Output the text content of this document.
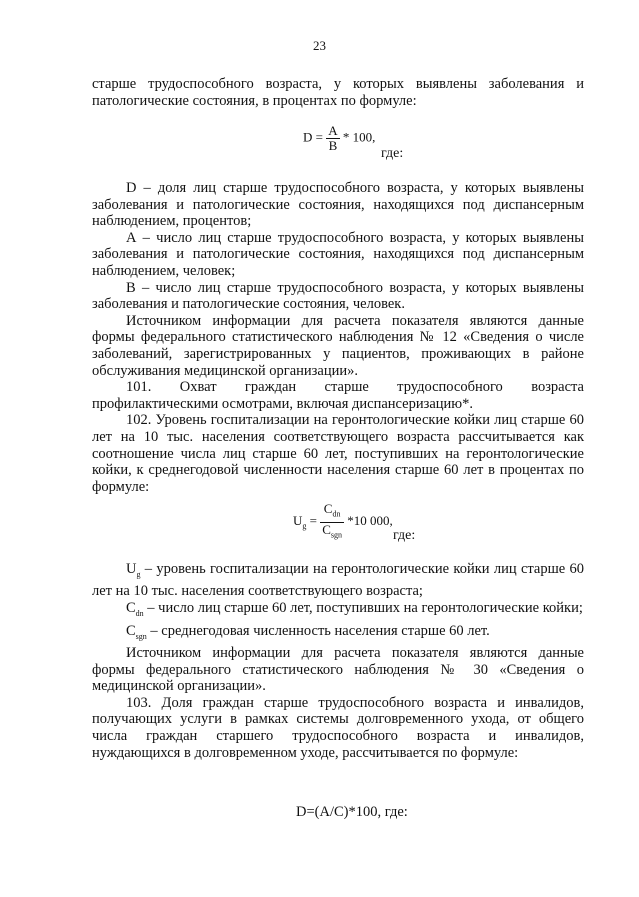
23

старше трудоспособного возраста, у которых выявлены заболевания и патологические состояния, в процентах по формуле:

$D = \frac{A}{B} * 100$,
где:

D – доля лиц старше трудоспособного возраста, у которых выявлены заболевания и патологические состояния, находящихся под диспансерным наблюдением, процентов;

А – число лиц старше трудоспособного возраста, у которых выявлены заболевания и патологические состояния, находящихся под диспансерным наблюдением, человек;

В – число лиц старше трудоспособного возраста, у которых выявлены заболевания и патологические состояния, человек.

Источником информации для расчета показателя являются данные формы федерального статистического наблюдения № 12 «Сведения о числе заболеваний, зарегистрированных у пациентов, проживающих в районе обслуживания медицинской организации».

101. Охват граждан старше трудоспособного возраста профилактическими осмотрами, включая диспансеризацию*.

102. Уровень госпитализации на геронтологические койки лиц старше 60 лет на 10 тыс. населения соответствующего возраста рассчитывается как соотношение числа лиц старше 60 лет, поступивших на геронтологические койки, к среднегодовой численности населения старше 60 лет в процентах по формуле:

$U_g = \frac{C_{dn}}{C_{sgn}} *10$ 000,
где:

$U_g$ – уровень госпитализации на геронтологические койки лиц старше 60 лет на 10 тыс. населения соответствующего возраста;

$C_{dn}$ – число лиц старше 60 лет, поступивших на геронтологические койки;

$C_{sgn}$ – среднегодовая численность населения старше 60 лет.

Источником информации для расчета показателя являются данные формы федерального статистического наблюдения № 30 «Сведения о медицинской организации».

103. Доля граждан старше трудоспособного возраста и инвалидов, получающих услуги в рамках системы долговременного ухода, от общего числа граждан старшего трудоспособного возраста и инвалидов, нуждающихся в долговременном уходе, рассчитывается по формуле:

D=(A/C)*100, где:
